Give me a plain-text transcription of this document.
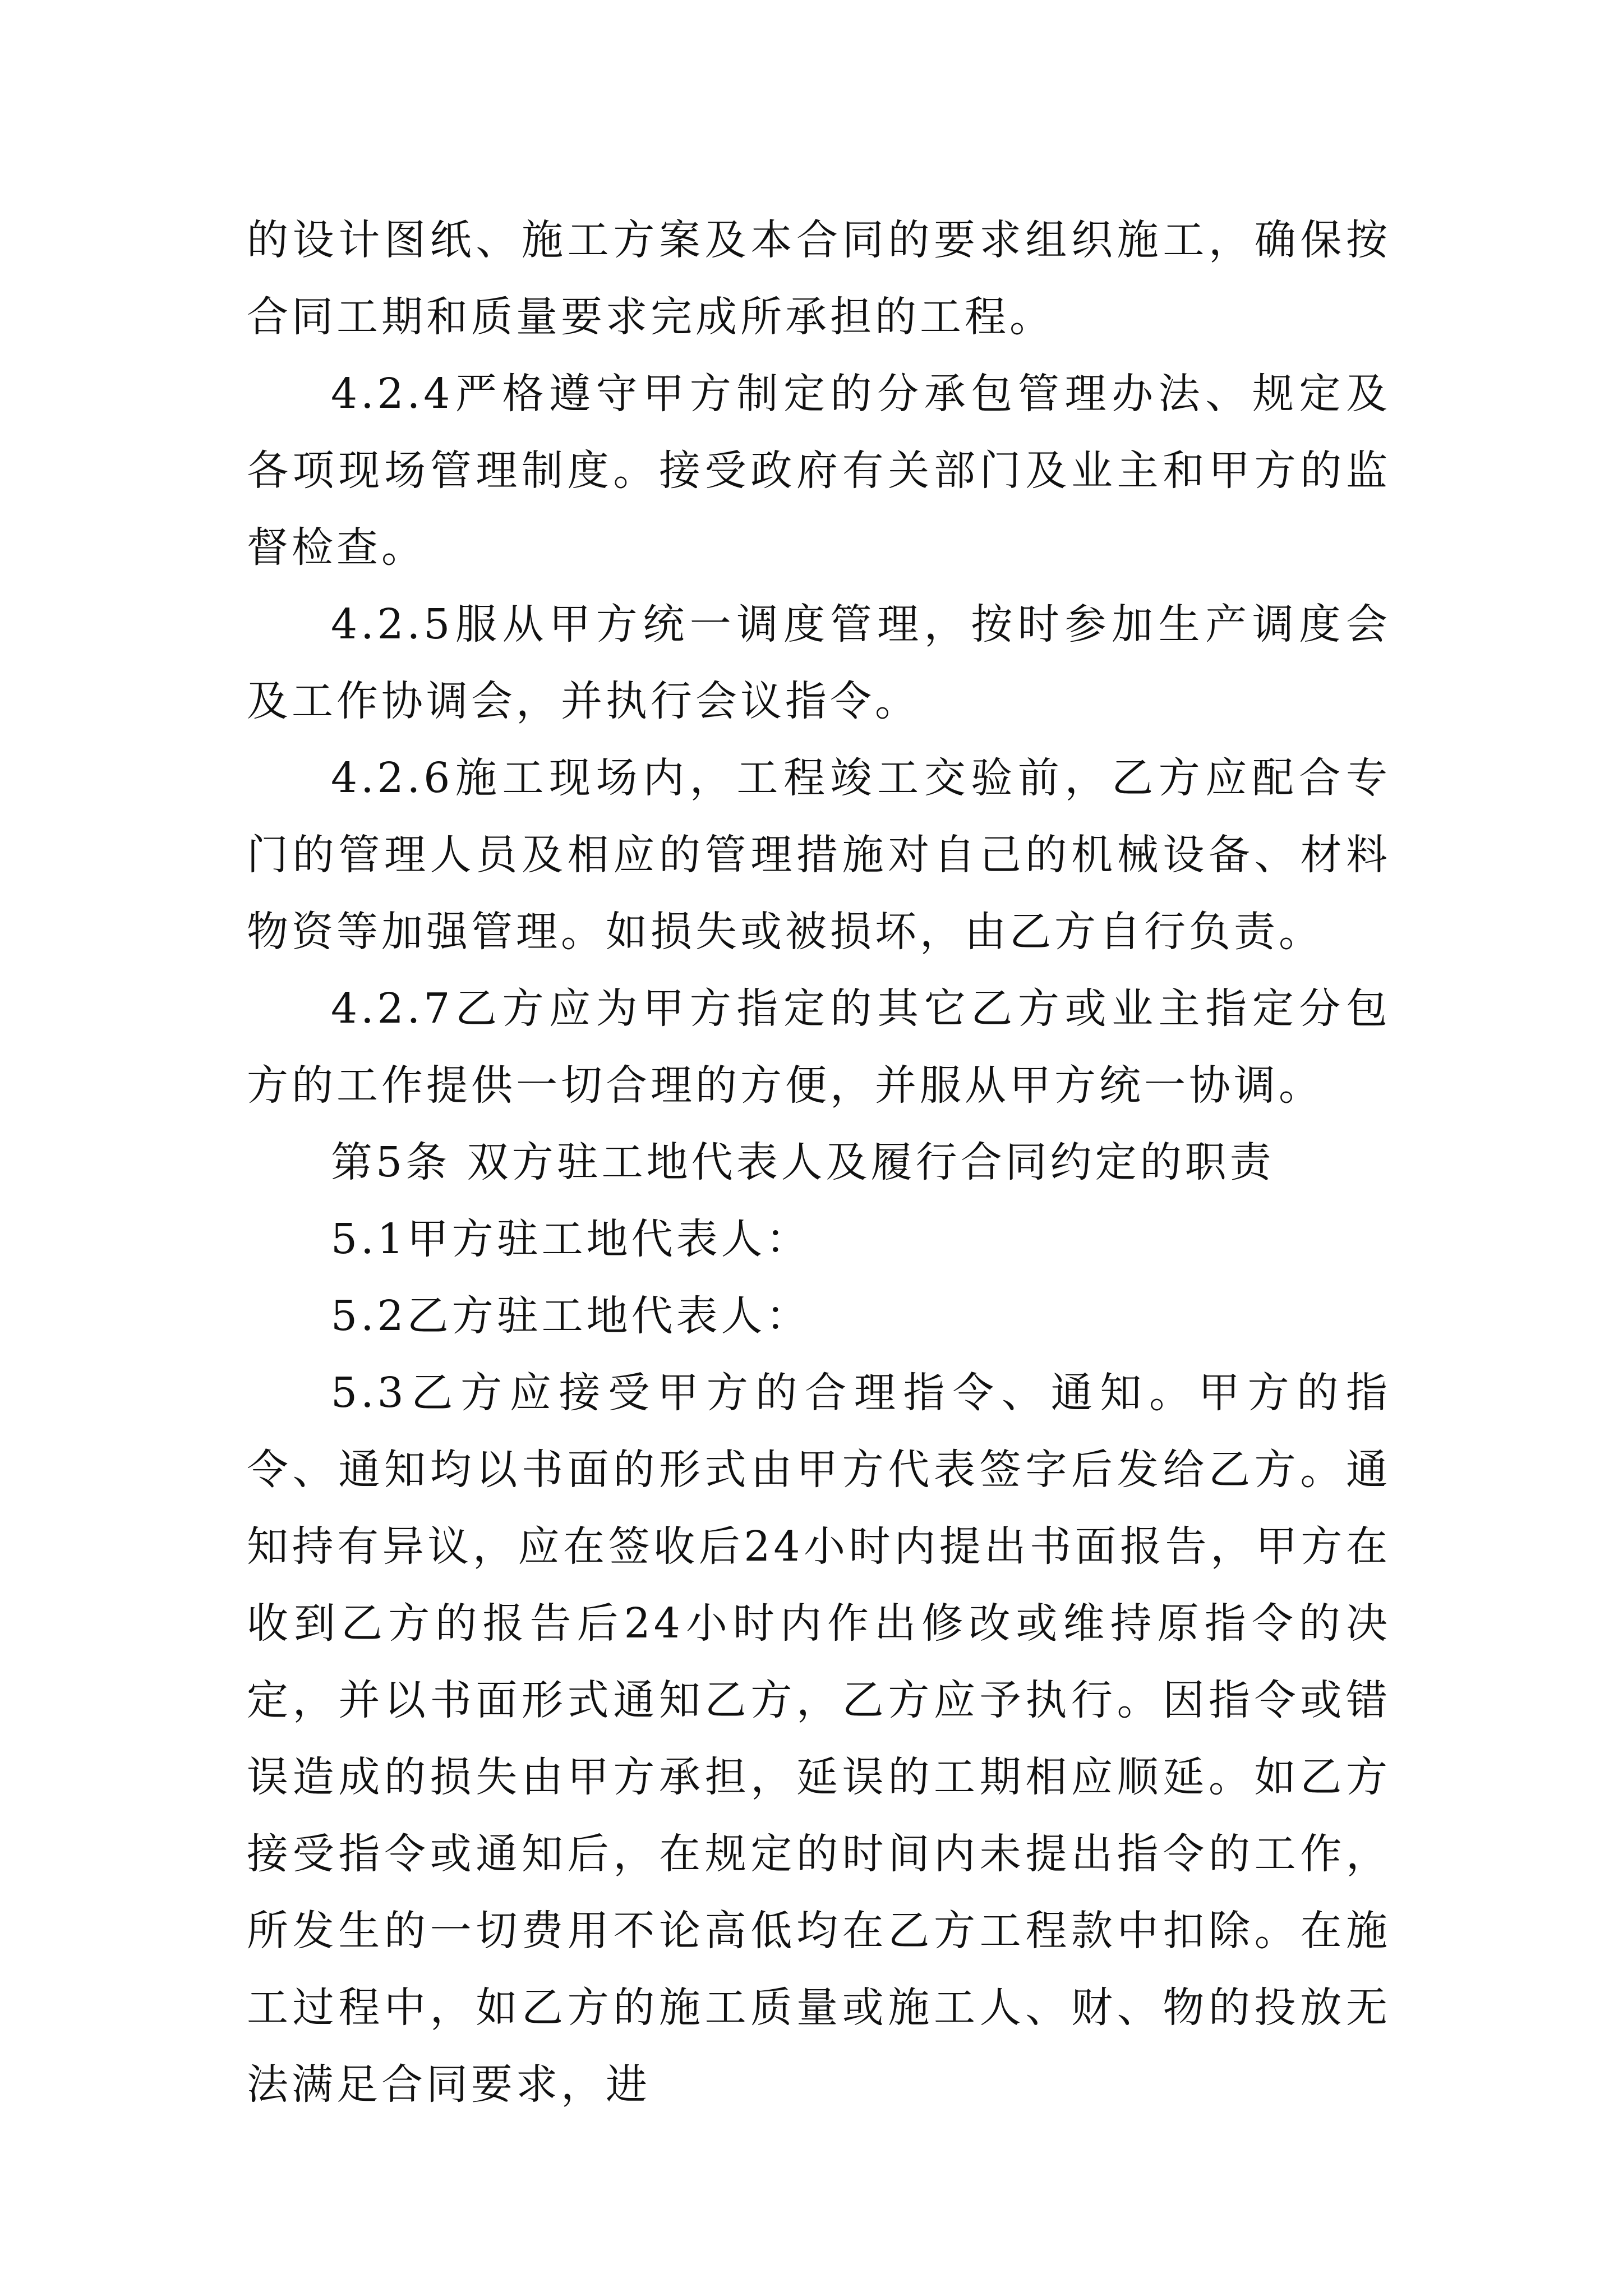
的设计图纸、施工方案及本合同的要求组织施工，确保按合同工期和质量要求完成所承担的工程。

4.2.4严格遵守甲方制定的分承包管理办法、规定及各项现场管理制度。接受政府有关部门及业主和甲方的监督检查。

4.2.5服从甲方统一调度管理，按时参加生产调度会及工作协调会，并执行会议指令。

4.2.6施工现场内，工程竣工交验前，乙方应配合专门的管理人员及相应的管理措施对自己的机械设备、材料物资等加强管理。如损失或被损坏，由乙方自行负责。

4.2.7乙方应为甲方指定的其它乙方或业主指定分包方的工作提供一切合理的方便，并服从甲方统一协调。

第5条 双方驻工地代表人及履行合同约定的职责

5.1甲方驻工地代表人：

5.2乙方驻工地代表人：

5.3乙方应接受甲方的合理指令、通知。甲方的指令、通知均以书面的形式由甲方代表签字后发给乙方。通知持有异议，应在签收后24小时内提出书面报告，甲方在收到乙方的报告后24小时内作出修改或维持原指令的决定，并以书面形式通知乙方，乙方应予执行。因指令或错误造成的损失由甲方承担，延误的工期相应顺延。如乙方接受指令或通知后，在规定的时间内未提出指令的工作，所发生的一切费用不论高低均在乙方工程款中扣除。在施工过程中，如乙方的施工质量或施工人、财、物的投放无法满足合同要求，进
